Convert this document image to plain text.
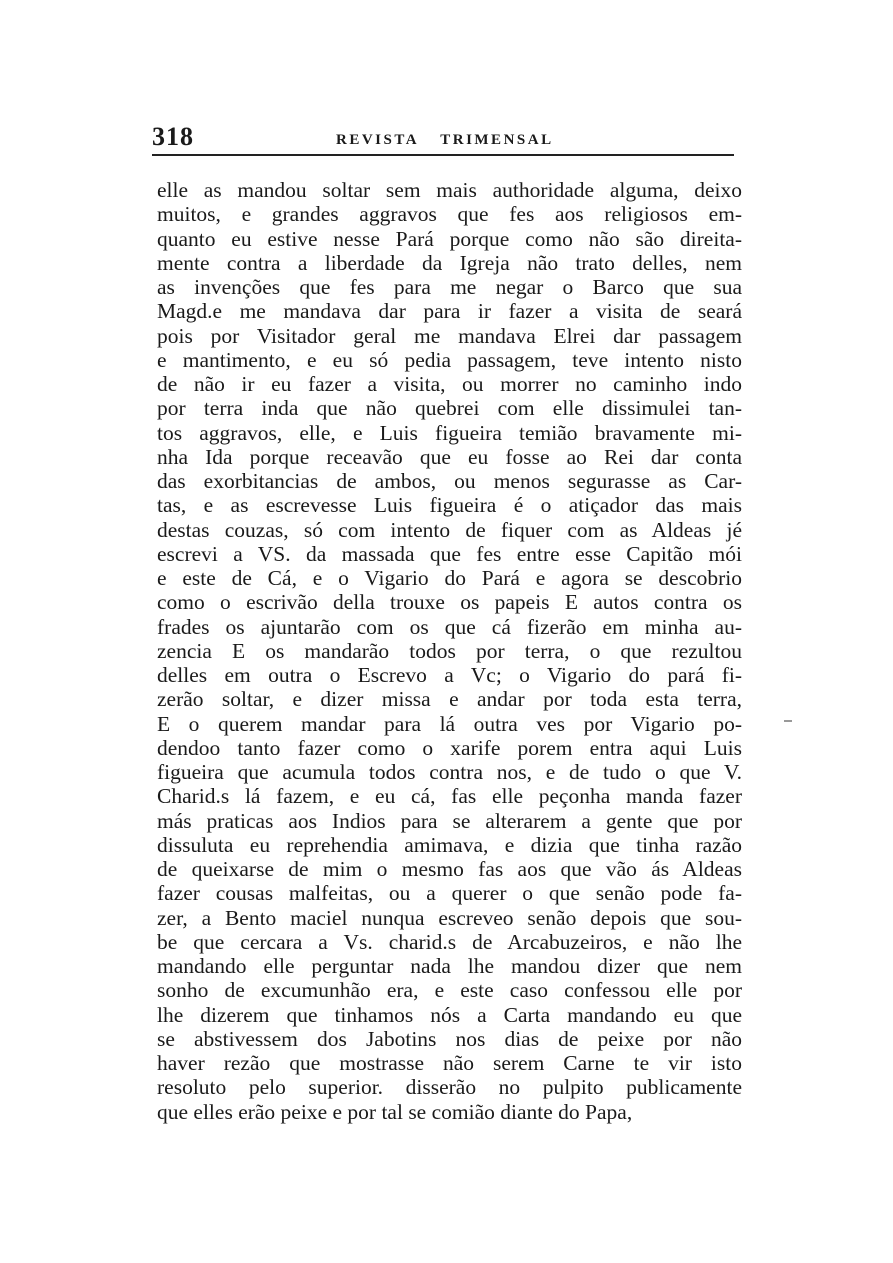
318	REVISTA TRIMENSAL
elle as mandou soltar sem mais authoridade alguma, deixo
muitos, e grandes aggravos que fes aos religiosos em-
quanto eu estive nesse Pará porque como não são direita-
mente contra a liberdade da Igreja não trato delles, nem
as invenções que fes para me negar o Barco que sua
Magd.e me mandava dar para ir fazer a visita de seará
pois por Visitador geral me mandava Elrei dar passagem
e mantimento, e eu só pedia passagem, teve intento nisto
de não ir eu fazer a visita, ou morrer no caminho indo
por terra inda que não quebrei com elle dissimulei tan-
tos aggravos, elle, e Luis figueira temião bravamente mi-
nha Ida porque receavão que eu fosse ao Rei dar conta
das exorbitancias de ambos, ou menos segurasse as Car-
tas, e as escrevesse Luis figueira é o atiçador das mais
destas couzas, só com intento de fiquer com as Aldeas jé
escrevi a VS. da massada que fes entre esse Capitão mói
e este de Cá, e o Vigario do Pará e agora se descobrio
como o escrivão della trouxe os papeis E autos contra os
frades os ajuntarão com os que cá fizerão em minha au-
zencia E os mandarão todos por terra, o que rezultou
delles em outra o Escrevo a Vc; o Vigario do pará fi-
zerão soltar, e dizer missa e andar por toda esta terra,
E o querem mandar para lá outra ves por Vigario po-
dendoo tanto fazer como o xarife porem entra aqui Luis
figueira que acumula todos contra nos, e de tudo o que V.
Charid.s lá fazem, e eu cá, fas elle peçonha manda fazer
más praticas aos Indios para se alterarem a gente que por
dissuluta eu reprehendia amimava, e dizia que tinha razão
de queixarse de mim o mesmo fas aos que vão ás Aldeas
fazer cousas malfeitas, ou a querer o que senão pode fa-
zer, a Bento maciel nunqua escreveo senão depois que sou-
be que cercara a Vs. charid.s de Arcabuzeiros, e não lhe
mandando elle perguntar nada lhe mandou dizer que nem
sonho de excumunhão era, e este caso confessou elle por
lhe dizerem que tinhamos nós a Carta mandando eu que
se abstivessem dos Jabotins nos dias de peixe por não
haver rezão que mostrasse não serem Carne te vir isto
resoluto pelo superior. disserão no pulpito publicamente
que elles erão peixe e por tal se comião diante do Papa,
